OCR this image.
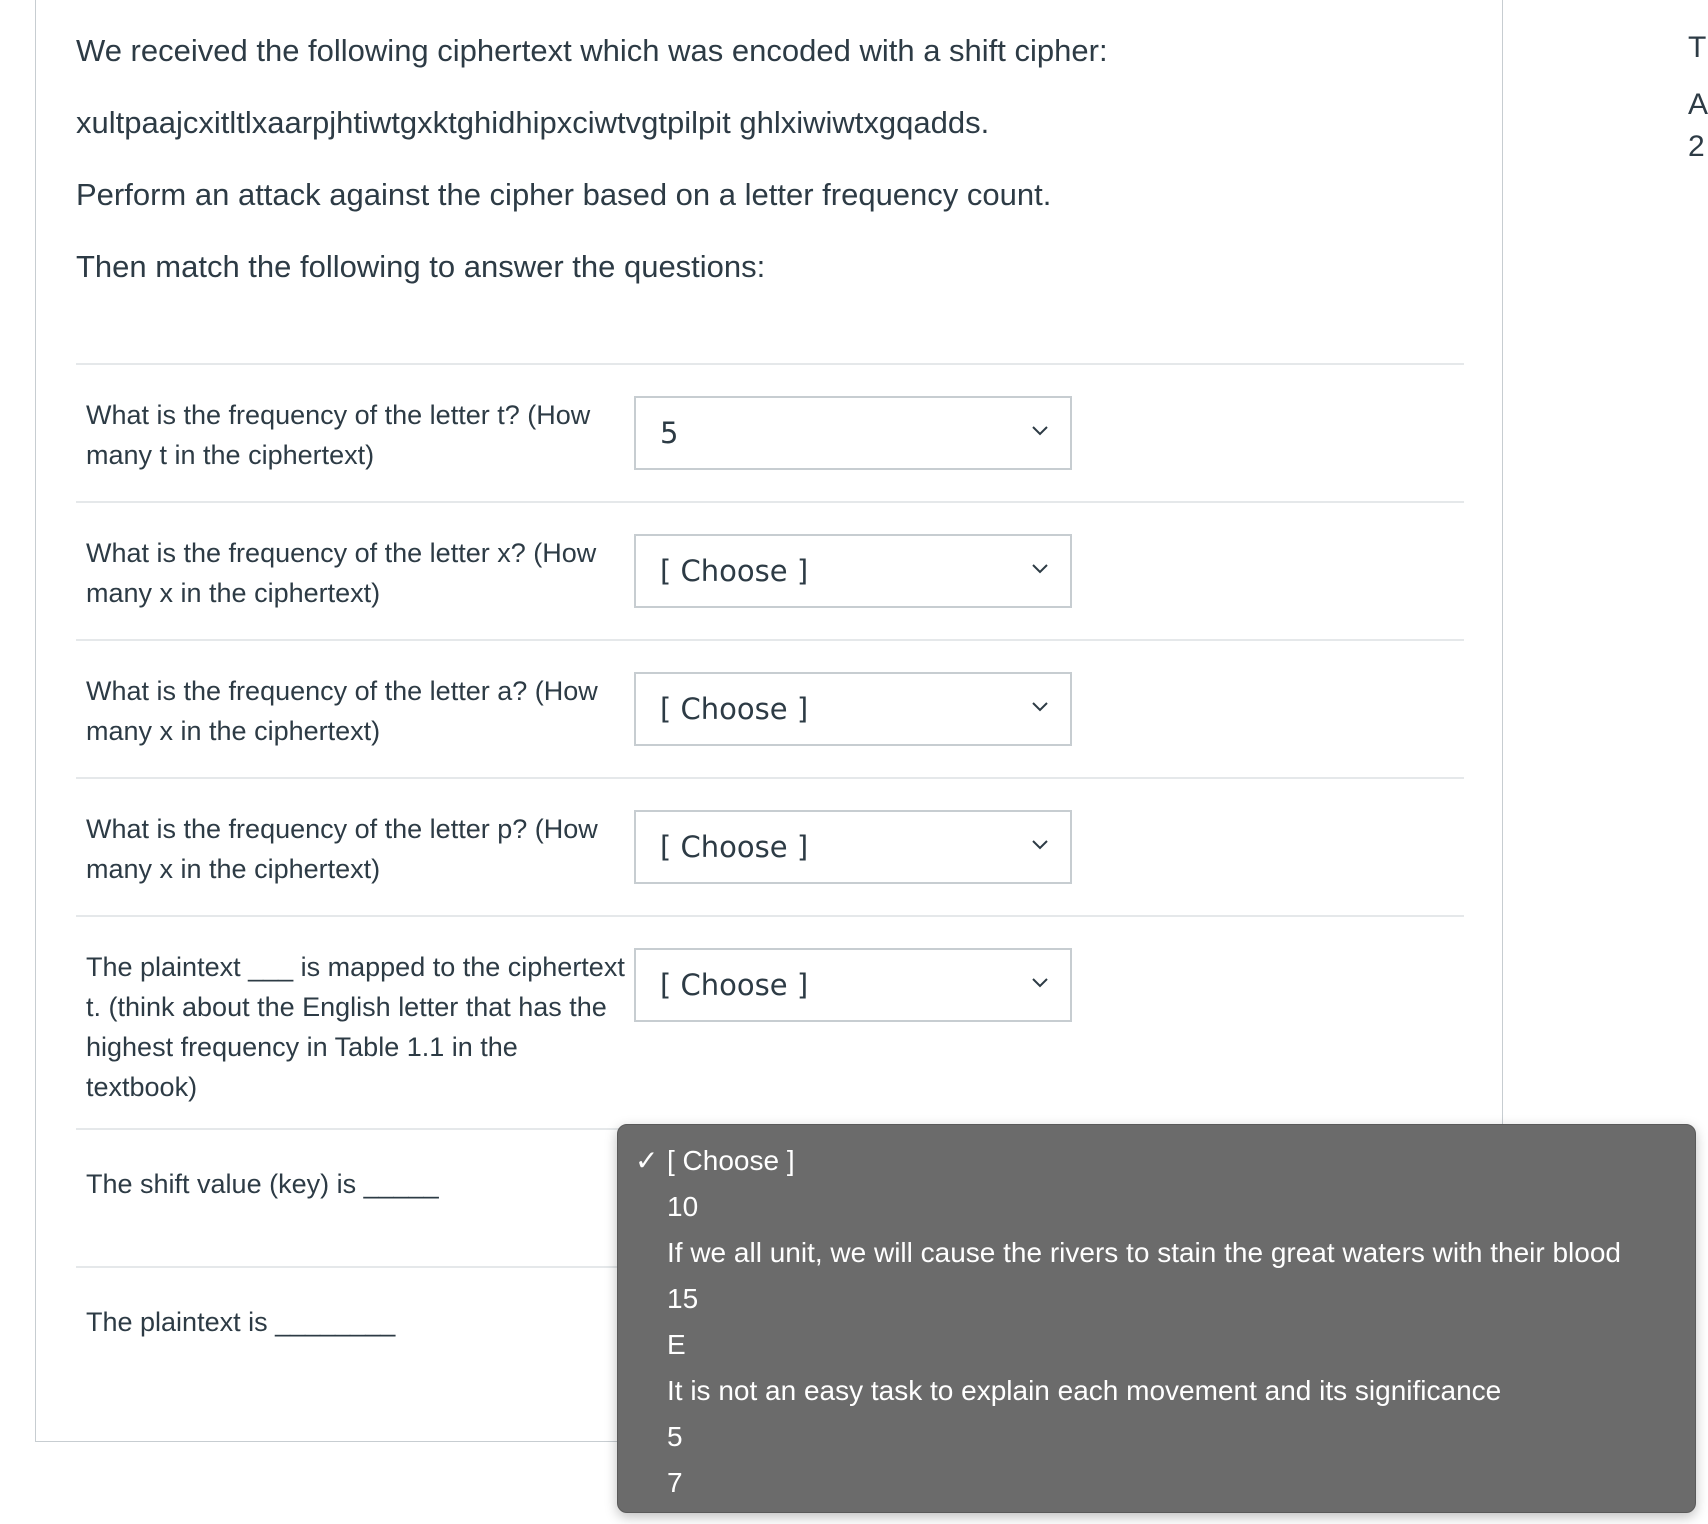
We received the following ciphertext which was encoded with a shift cipher:
xultpaajcxitltlxaarpjhtiwtgxktghidhipxciwtvgtpilpit ghlxiwiwtxgqadds.
Perform an attack against the cipher based on a letter frequency count.
Then match the following to answer the questions:
What is the frequency of the letter t? (How many t in the ciphertext)
5
What is the frequency of the letter x? (How many x in the ciphertext)
[ Choose ]
What is the frequency of the letter a? (How many x in the ciphertext)
[ Choose ]
What is the frequency of the letter p? (How many x in the ciphertext)
[ Choose ]
The plaintext ___ is mapped to the ciphertext t. (think about the English letter that has the highest frequency in Table 1.1 in the textbook)
[ Choose ]
The shift value (key) is _____
The plaintext is ________
T
A
2
✓ [ Choose ]
10
If we all unit, we will cause the rivers to stain the great waters with their blood
15
E
It is not an easy task to explain each movement and its significance
5
7
